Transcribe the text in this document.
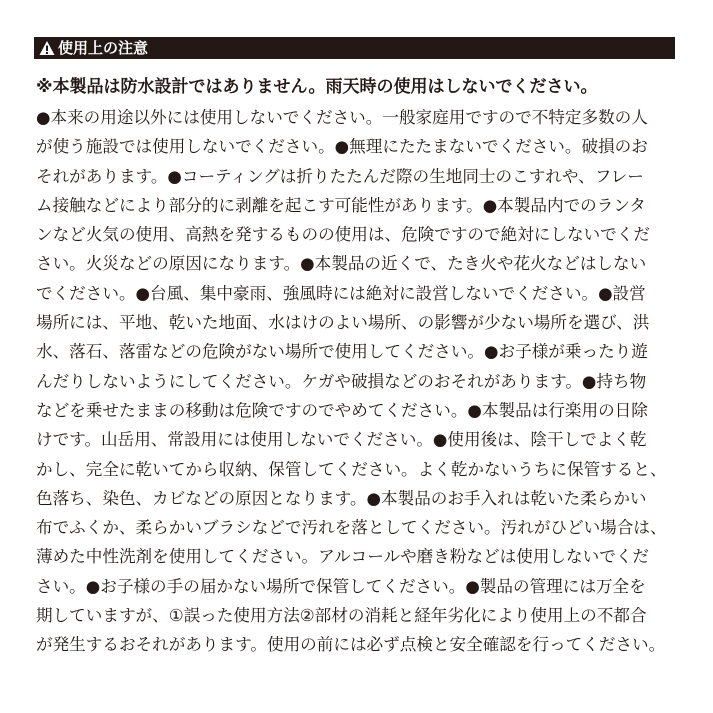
使用上の注意
※本製品は防水設計ではありません。雨天時の使用はしないでください。
●本来の用途以外には使用しないでください。一般家庭用ですので不特定多数の人
が使う施設では使用しないでください。●無理にたたまないでください。破損のお
それがあります。●コーティングは折りたたんだ際の生地同士のこすれや、フレー
ム接触などにより部分的に剥離を起こす可能性があります。●本製品内でのランタ
ンなど火気の使用、高熱を発するものの使用は、危険ですので絶対にしないでくだ
さい。火災などの原因になります。●本製品の近くで、たき火や花火などはしない
でください。●台風、集中豪雨、強風時には絶対に設営しないでください。●設営
場所には、平地、乾いた地面、水はけのよい場所、の影響が少ない場所を選び、洪
水、落石、落雷などの危険がない場所で使用してください。●お子様が乗ったり遊
んだりしないようにしてください。ケガや破損などのおそれがあります。●持ち物
などを乗せたままの移動は危険ですのでやめてください。●本製品は行楽用の日除
けです。山岳用、常設用には使用しないでください。●使用後は、陰干しでよく乾
かし、完全に乾いてから収納、保管してください。よく乾かないうちに保管すると、
色落ち、染色、カビなどの原因となります。●本製品のお手入れは乾いた柔らかい
布でふくか、柔らかいブラシなどで汚れを落としてください。汚れがひどい場合は、
薄めた中性洗剤を使用してください。アルコールや磨き粉などは使用しないでくだ
さい。●お子様の手の届かない場所で保管してください。●製品の管理には万全を
期していますが、①誤った使用方法②部材の消耗と経年劣化により使用上の不都合
が発生するおそれがあります。使用の前には必ず点検と安全確認を行ってください。
